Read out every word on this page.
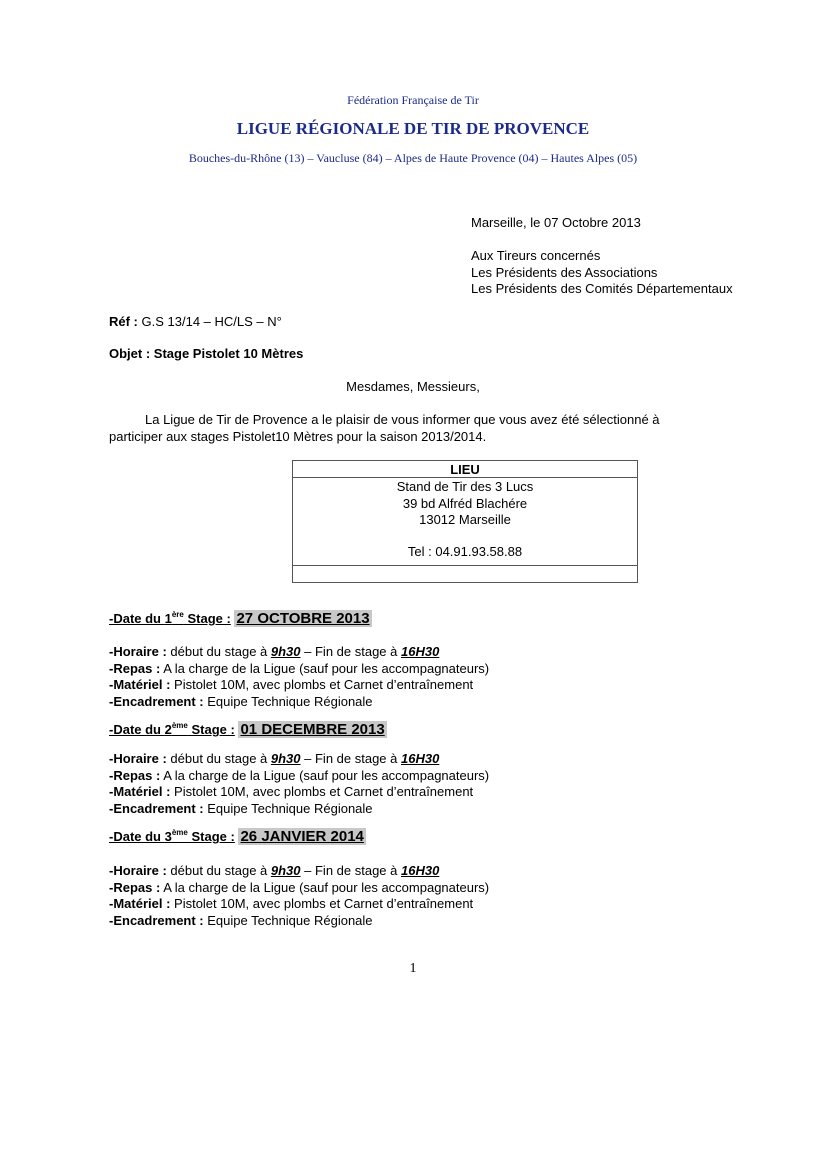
Fédération Française de Tir
LIGUE RÉGIONALE DE TIR DE PROVENCE
Bouches-du-Rhône (13) – Vaucluse (84) – Alpes de Haute Provence (04) – Hautes Alpes (05)
Marseille, le 07 Octobre 2013
Aux Tireurs concernés
Les Présidents des Associations
Les Présidents des Comités Départementaux
Réf : G.S 13/14 – HC/LS – N°
Objet : Stage Pistolet 10 Mètres
Mesdames, Messieurs,
La Ligue de Tir de Provence a le plaisir de vous informer que vous avez été sélectionné à
participer aux stages Pistolet10 Mètres pour la saison 2013/2014.
LIEU

Stand de Tir des 3 Lucs
39 bd Alfréd Blachére
13012 Marseille
Tel : 04.91.93.58.88

-Date du 1ère Stage : 27 OCTOBRE 2013
-Horaire : début du stage à 9h30 – Fin de stage à 16H30
-Repas : A la charge de la Ligue (sauf pour les accompagnateurs)
-Matériel : Pistolet 10M, avec plombs et Carnet d’entraînement
-Encadrement : Equipe Technique Régionale
-Date du 2ème Stage : 01 DECEMBRE 2013
-Horaire : début du stage à 9h30 – Fin de stage à 16H30
-Repas : A la charge de la Ligue (sauf pour les accompagnateurs)
-Matériel : Pistolet 10M, avec plombs et Carnet d’entraînement
-Encadrement : Equipe Technique Régionale
-Date du 3ème Stage : 26 JANVIER 2014
-Horaire : début du stage à 9h30 – Fin de stage à 16H30
-Repas : A la charge de la Ligue (sauf pour les accompagnateurs)
-Matériel : Pistolet 10M, avec plombs et Carnet d’entraînement
-Encadrement : Equipe Technique Régionale
1
